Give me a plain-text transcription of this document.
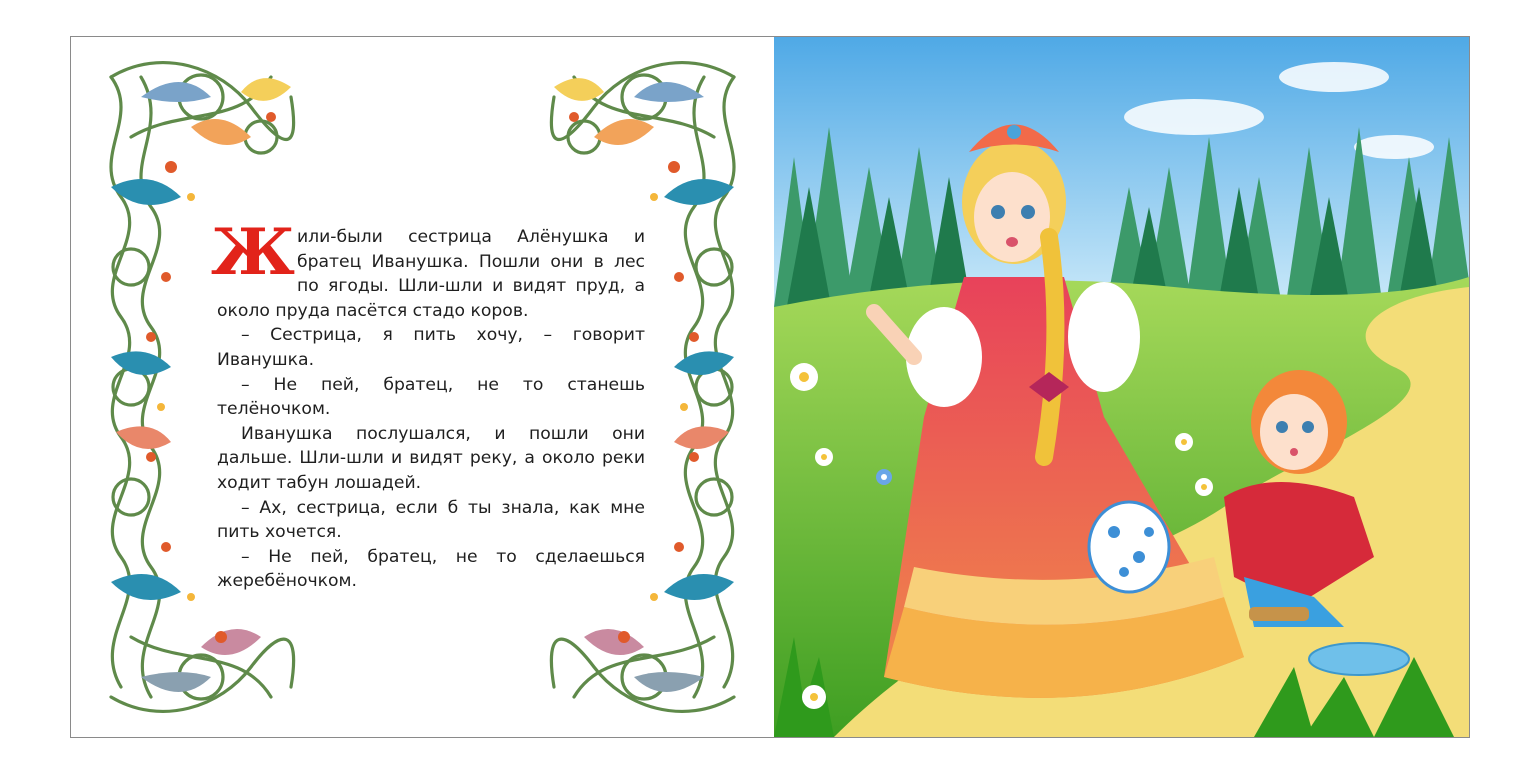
Ж или-были сестрица Алёнушка и братец Иванушка. Пошли они в лес по ягоды. Шли-шли и видят пруд, а около пруда пасётся стадо коров.

– Сестрица, я пить хочу, – говорит Иванушка.

– Не пей, братец, не то станешь телёночком.

Иванушка послушался, и пошли они дальше. Шли-шли и видят реку, а около реки ходит табун лошадей.

– Ах, сестрица, если б ты знала, как мне пить хочется.

– Не пей, братец, не то сделаешься жеребёночком.
